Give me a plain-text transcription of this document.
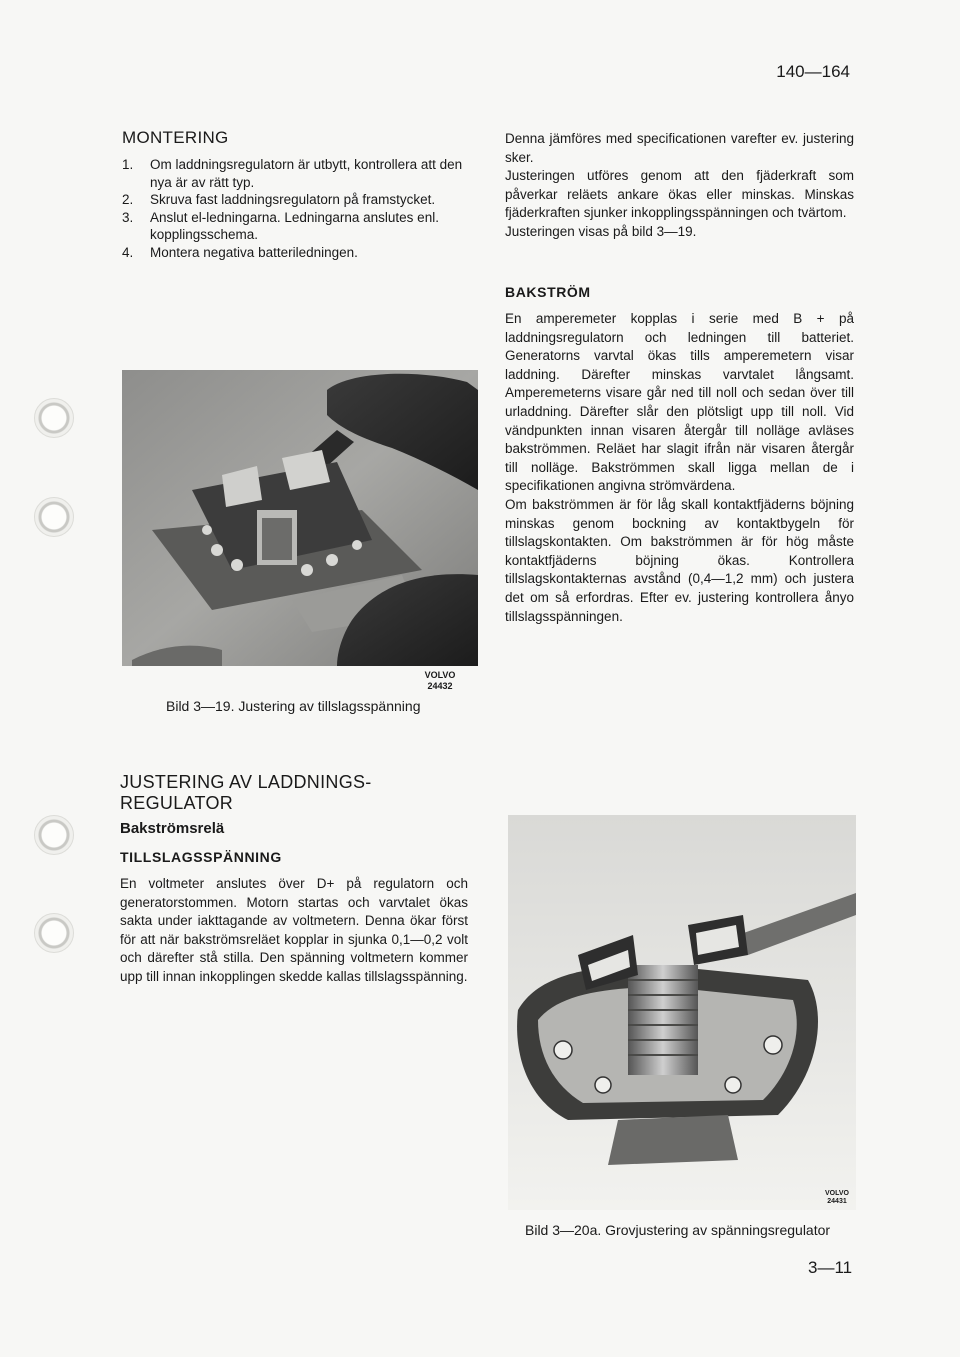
140—164
MONTERING
1.	Om laddningsregulatorn är utbytt, kontrollera att den nya är av rätt typ.
2.	Skruva fast laddningsregulatorn på framstycket.
3.	Anslut el-ledningarna. Ledningarna anslutes enl. kopplingsschema.
4.	Montera negativa batteriledningen.

Denna jämföres med specificationen varefter ev. justering sker.
Justeringen utföres genom att den fjäderkraft som påverkar reläets ankare ökas eller minskas. Minskas fjäderkraften sjunker inkopplingsspänningen och tvärtom.
Justeringen visas på bild 3—19.

BAKSTRÖM

En amperemeter kopplas i serie med B + på laddningsregulatorn och ledningen till batteriet. Generatorns varvtal ökas tills amperemetern visar laddning. Därefter minskas varvtalet långsamt. Amperemeterns visare går ned till noll och sedan över till urladdning. Därefter slår den plötsligt upp till noll. Vid vändpunkten innan visaren återgår till nolläge avläses bakströmmen. Reläet har slagit ifrån när visaren återgår till nolläge. Bakströmmen skall ligga mellan de i specifikationen angivna strömvärdena.

Om bakströmmen är för låg skall kontaktfjäderns böjning minskas genom bockning av kontaktbygeln för tillslagskontakten. Om bakströmmen är för hög måste kontaktfjäderns böjning ökas. Kontrollera tillslagskontakternas avstånd (0,4—1,2 mm) och justera det om så erfordras. Efter ev. justering kontrollera ånyo tillslagsspänningen.

VOLVO
24432
Bild 3—19. Justering av tillslagsspänning
JUSTERING AV LADDNINGS-
REGULATOR
Bakströmsrelä
TILLSLAGSSPÄNNING

En voltmeter anslutes över D+ på regulatorn och generatorstommen. Motorn startas och varvtalet ökas sakta under iakttagande av voltmetern. Denna ökar först för att när bakströmsreläet kopplar in sjunka 0,1—0,2 volt och därefter stå stilla. Den spänning voltmetern kommer upp till innan inkopplingen skedde kallas tillslagsspänning.

VOLVO
24431
Bild 3—20a. Grovjustering av spänningsregulator
3—11
